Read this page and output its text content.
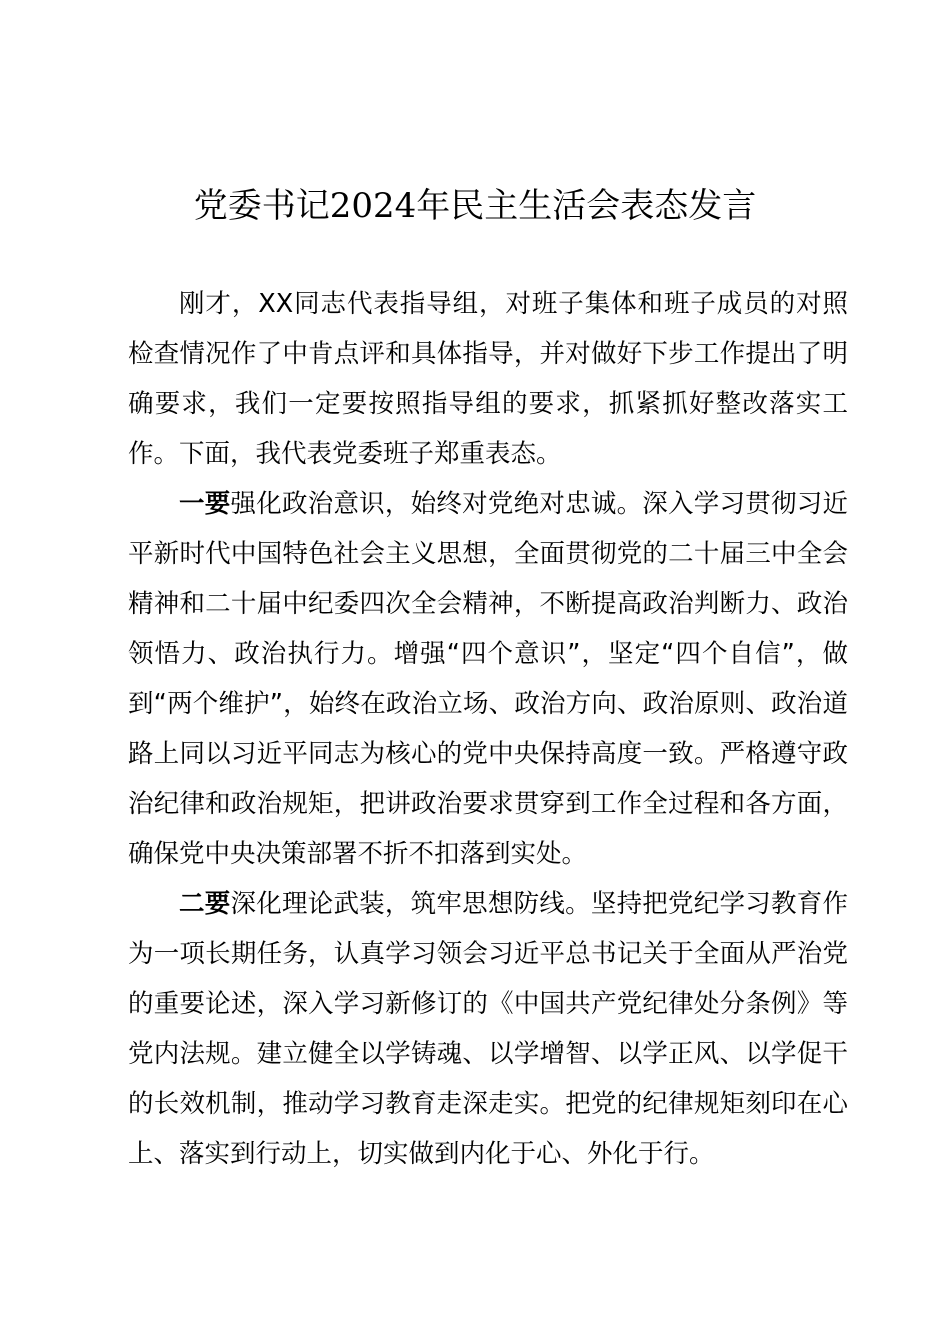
党委书记2024年民主生活会表态发言

刚才，XX同志代表指导组，对班子集体和班子成员的对照检查情况作了中肯点评和具体指导，并对做好下步工作提出了明确要求，我们一定要按照指导组的要求，抓紧抓好整改落实工作。下面，我代表党委班子郑重表态。

一要强化政治意识，始终对党绝对忠诚。深入学习贯彻习近平新时代中国特色社会主义思想，全面贯彻党的二十届三中全会精神和二十届中纪委四次全会精神，不断提高政治判断力、政治领悟力、政治执行力。增强“四个意识”，坚定“四个自信”，做到“两个维护”，始终在政治立场、政治方向、政治原则、政治道路上同以习近平同志为核心的党中央保持高度一致。严格遵守政治纪律和政治规矩，把讲政治要求贯穿到工作全过程和各方面，确保党中央决策部署不折不扣落到实处。

二要深化理论武装，筑牢思想防线。坚持把党纪学习教育作为一项长期任务，认真学习领会习近平总书记关于全面从严治党的重要论述，深入学习新修订的《中国共产党纪律处分条例》等党内法规。建立健全以学铸魂、以学增智、以学正风、以学促干的长效机制，推动学习教育走深走实。把党的纪律规矩刻印在心上、落实到行动上，切实做到内化于心、外化于行。
